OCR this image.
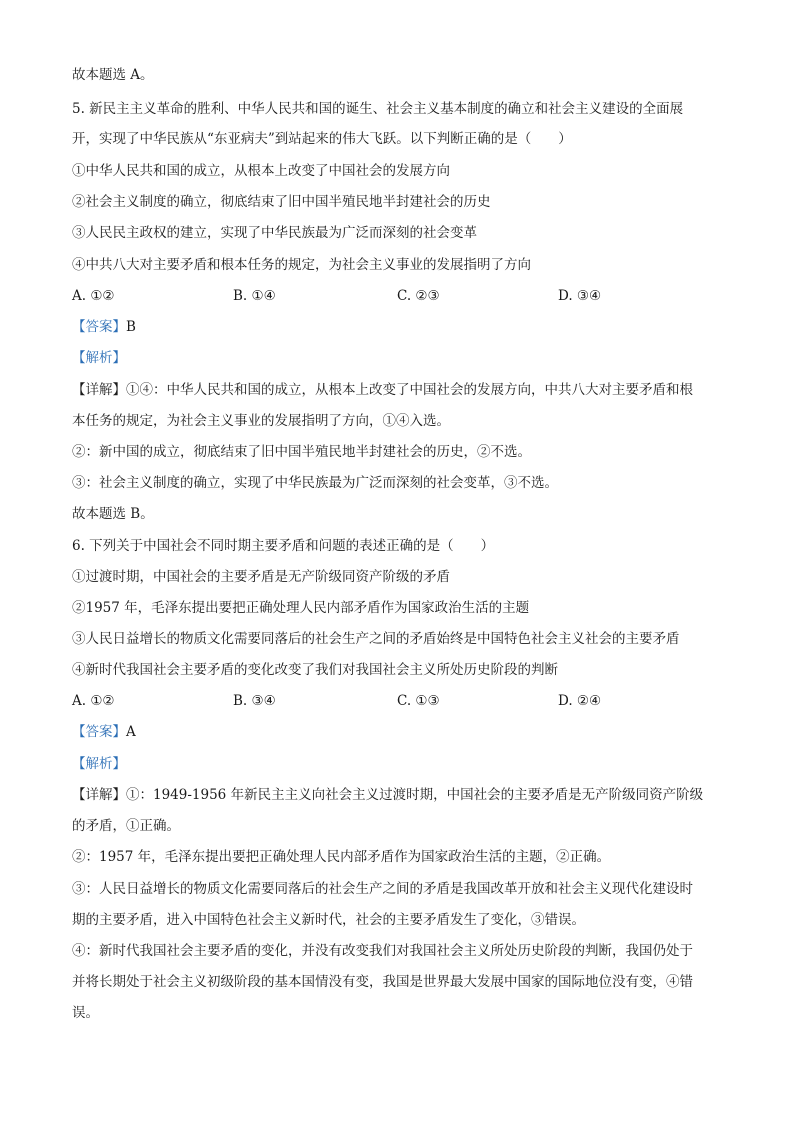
故本题选 A。
5. 新民主主义革命的胜利、中华人民共和国的诞生、社会主义基本制度的确立和社会主义建设的全面展
开，实现了中华民族从“东亚病夫”到站起来的伟大飞跃。以下判断正确的是（　　）
①中华人民共和国的成立，从根本上改变了中国社会的发展方向
②社会主义制度的确立，彻底结束了旧中国半殖民地半封建社会的历史
③人民民主政权的建立，实现了中华民族最为广泛而深刻的社会变革
④中共八大对主要矛盾和根本任务的规定，为社会主义事业的发展指明了方向
A. ①②	B. ①④	C. ②③	D. ③④
【答案】B
【解析】
【详解】①④：中华人民共和国的成立，从根本上改变了中国社会的发展方向，中共八大对主要矛盾和根
本任务的规定，为社会主义事业的发展指明了方向，①④入选。
②：新中国的成立，彻底结束了旧中国半殖民地半封建社会的历史，②不选。
③：社会主义制度的确立，实现了中华民族最为广泛而深刻的社会变革，③不选。
故本题选 B。
6. 下列关于中国社会不同时期主要矛盾和问题的表述正确的是（　　）
①过渡时期，中国社会的主要矛盾是无产阶级同资产阶级的矛盾
②1957 年，毛泽东提出要把正确处理人民内部矛盾作为国家政治生活的主题
③人民日益增长的物质文化需要同落后的社会生产之间的矛盾始终是中国特色社会主义社会的主要矛盾
④新时代我国社会主要矛盾的变化改变了我们对我国社会主义所处历史阶段的判断
A. ①②	B. ③④	C. ①③	D. ②④
【答案】A
【解析】
【详解】①：1949-1956 年新民主主义向社会主义过渡时期，中国社会的主要矛盾是无产阶级同资产阶级
的矛盾，①正确。
②：1957 年，毛泽东提出要把正确处理人民内部矛盾作为国家政治生活的主题，②正确。
③：人民日益增长的物质文化需要同落后的社会生产之间的矛盾是我国改革开放和社会主义现代化建设时
期的主要矛盾，进入中国特色社会主义新时代，社会的主要矛盾发生了变化，③错误。
④：新时代我国社会主要矛盾的变化，并没有改变我们对我国社会主义所处历史阶段的判断，我国仍处于
并将长期处于社会主义初级阶段的基本国情没有变，我国是世界最大发展中国家的国际地位没有变，④错
误。
